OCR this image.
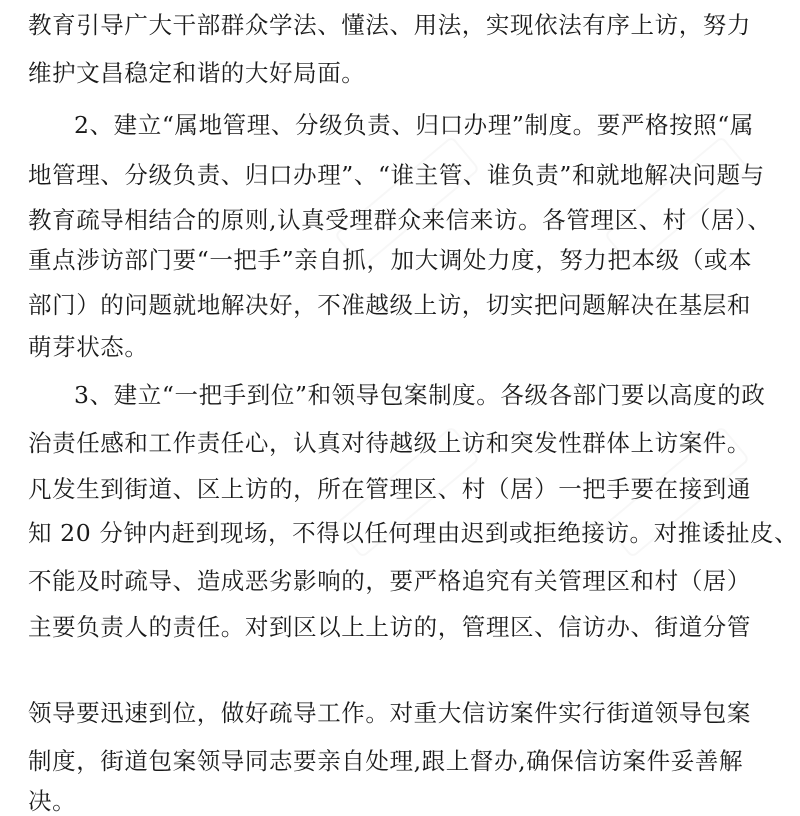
教育引导广大干部群众学法、懂法、用法，实现依法有序上访，努力
维护文昌稳定和谐的大好局面。
2、建立“属地管理、分级负责、归口办理”制度。要严格按照“属
地管理、分级负责、归口办理”、“谁主管、谁负责”和就地解决问题与
教育疏导相结合的原则,认真受理群众来信来访。各管理区、村（居）、
重点涉访部门要“一把手”亲自抓，加大调处力度，努力把本级（或本
部门）的问题就地解决好，不准越级上访，切实把问题解决在基层和
萌芽状态。
3、建立“一把手到位”和领导包案制度。各级各部门要以高度的政
治责任感和工作责任心，认真对待越级上访和突发性群体上访案件。
凡发生到街道、区上访的，所在管理区、村（居）一把手要在接到通
知 20 分钟内赶到现场，不得以任何理由迟到或拒绝接访。对推诿扯皮、
不能及时疏导、造成恶劣影响的，要严格追究有关管理区和村（居）
主要负责人的责任。对到区以上上访的，管理区、信访办、街道分管
领导要迅速到位，做好疏导工作。对重大信访案件实行街道领导包案
制度，街道包案领导同志要亲自处理,跟上督办,确保信访案件妥善解
决。
